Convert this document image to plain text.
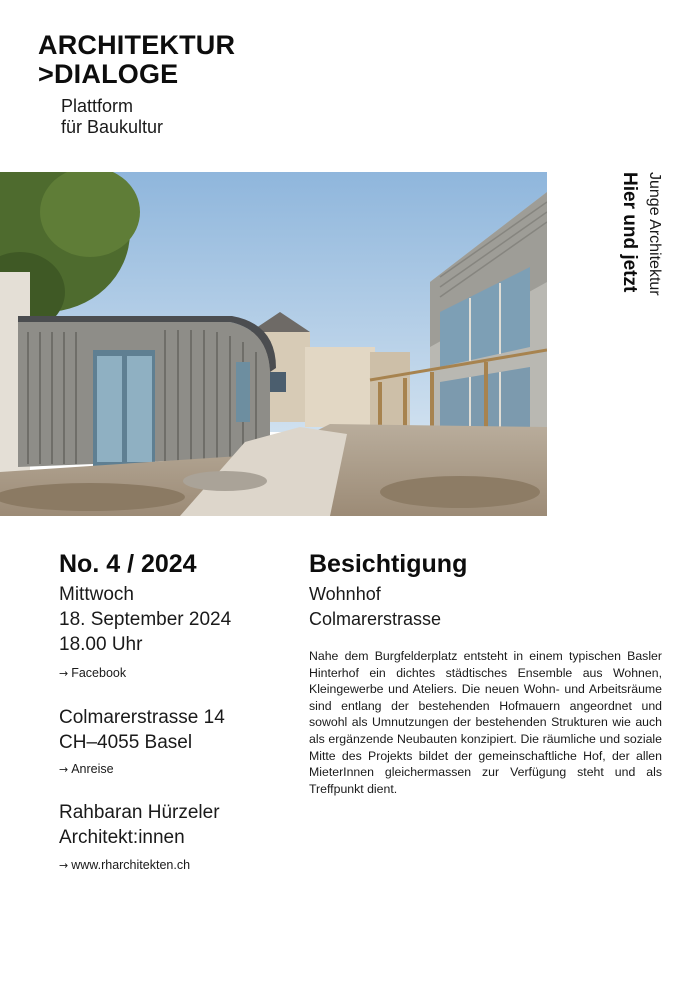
ARCHITEKTUR
>DIALOGE
Plattform
für Baukultur
Junge Architektur
Hier und jetzt
No. 4 / 2024
Mittwoch
18. September 2024
18.00 Uhr
→ Facebook
Colmarerstrasse 14
CH–4055 Basel
→ Anreise
Rahbaran Hürzeler
Architekt:innen
→ www.rharchitekten.ch
Besichtigung
Wohnhof
Colmarerstrasse
Nahe dem Burgfelderplatz entsteht in einem typischen Basler Hinterhof ein dichtes städtisches Ensemble aus Wohnen, Kleingewerbe und Ateliers. Die neuen Wohn- und Arbeitsräume sind entlang der bestehenden Hofmauern angeordnet und sowohl als Umnutzungen der bestehenden Strukturen wie auch als ergänzende Neubauten konzipiert. Die räumliche und soziale Mitte des Projekts bildet der gemeinschaftliche Hof, der allen MieterInnen gleichermassen zur Verfügung steht und als Treffpunkt dient.
